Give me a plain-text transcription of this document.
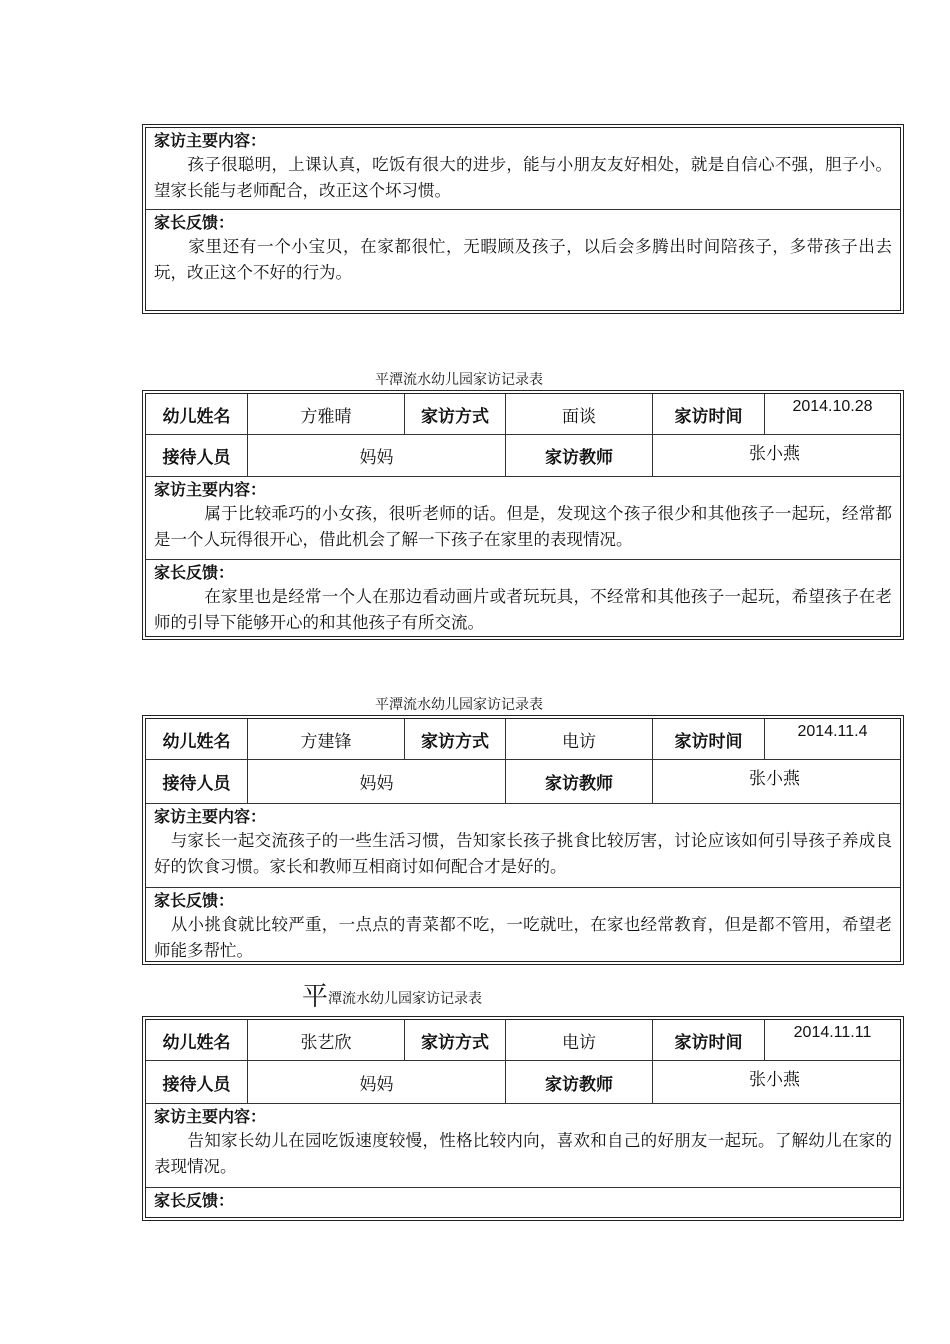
家访主要内容：
　　孩子很聪明，上课认真，吃饭有很大的进步，能与小朋友友好相处，就是自信心不强，胆子小。望家长能与老师配合，改正这个坏习惯。
家长反馈：
　　家里还有一个小宝贝，在家都很忙，无暇顾及孩子，以后会多腾出时间陪孩子，多带孩子出去玩，改正这个不好的行为。
平潭流水幼儿园家访记录表
幼儿姓名	方雅晴	家访方式	面谈	家访时间	2014.10.28
接待人员	妈妈	家访教师	张小燕
家访主要内容：
　　　属于比较乖巧的小女孩，很听老师的话。但是，发现这个孩子很少和其他孩子一起玩，经常都是一个人玩得很开心，借此机会了解一下孩子在家里的表现情况。
家长反馈：
　　　在家里也是经常一个人在那边看动画片或者玩玩具，不经常和其他孩子一起玩，希望孩子在老师的引导下能够开心的和其他孩子有所交流。
平潭流水幼儿园家访记录表
幼儿姓名	方建锋	家访方式	电访	家访时间	2014.11.4
接待人员	妈妈	家访教师	张小燕
家访主要内容：
　与家长一起交流孩子的一些生活习惯，告知家长孩子挑食比较厉害，讨论应该如何引导孩子养成良好的饮食习惯。家长和教师互相商讨如何配合才是好的。
家长反馈：
　从小挑食就比较严重，一点点的青菜都不吃，一吃就吐，在家也经常教育，但是都不管用，希望老师能多帮忙。
平潭流水幼儿园家访记录表
幼儿姓名	张艺欣	家访方式	电访	家访时间	2014.11.11
接待人员	妈妈	家访教师	张小燕
家访主要内容：
　　告知家长幼儿在园吃饭速度较慢，性格比较内向，喜欢和自己的好朋友一起玩。了解幼儿在家的表现情况。
家长反馈：
